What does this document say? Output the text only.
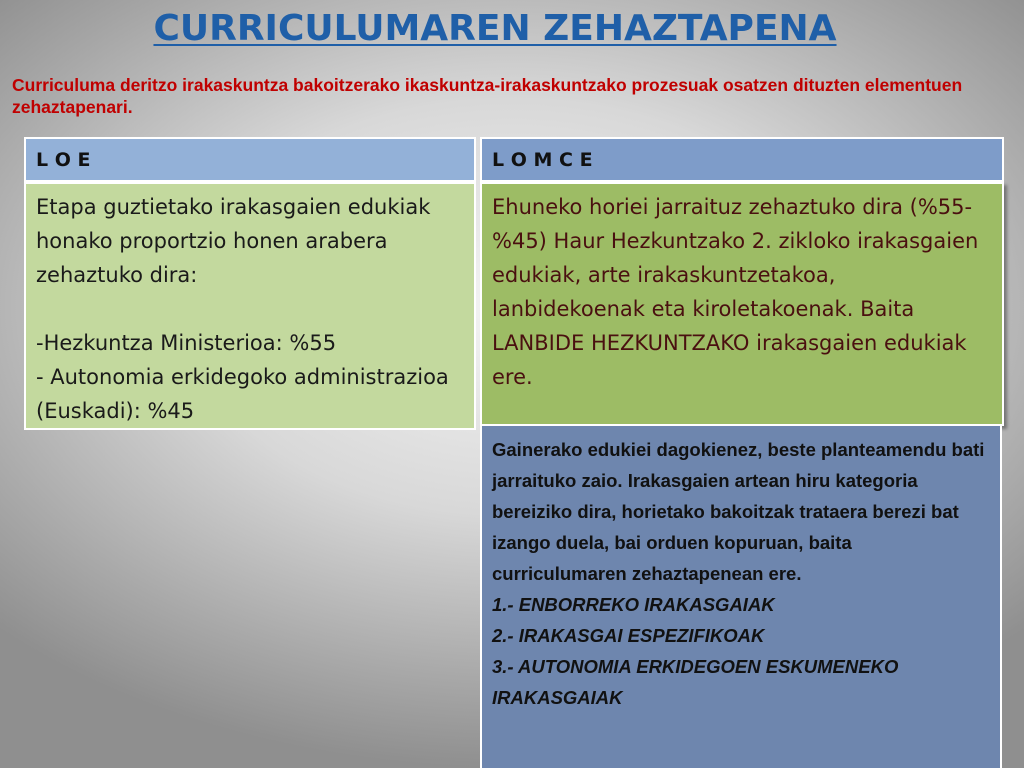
CURRICULUMAREN ZEHAZTAPENA
Curriculuma deritzo irakaskuntza bakoitzerako ikaskuntza-irakaskuntzako prozesuak osatzen dituzten elementuen zehaztapenari.
L O E	L O M C E
Etapa guztietako irakasgaien edukiak honako proportzio honen arabera zehaztuko dira:
-Hezkuntza Ministerioa: %55
- Autonomia erkidegoko administrazioa (Euskadi): %45
Ehuneko horiei jarraituz zehaztuko dira (%55-%45) Haur Hezkuntzako 2. zikloko irakasgaien edukiak, arte irakaskuntzetakoa, lanbidekoenak eta kiroletakoenak. Baita LANBIDE HEZKUNTZAKO irakasgaien edukiak ere.
Gainerako edukiei dagokienez, beste planteamendu bati jarraituko zaio. Irakasgaien artean hiru kategoria bereiziko dira, horietako bakoitzak trataera berezi bat izango duela, bai orduen kopuruan, baita curriculumaren zehaztapenean ere.
1.- ENBORREKO IRAKASGAIAK
2.- IRAKASGAI ESPEZIFIKOAK
3.- AUTONOMIA ERKIDEGOEN ESKUMENEKO IRAKASGAIAK
